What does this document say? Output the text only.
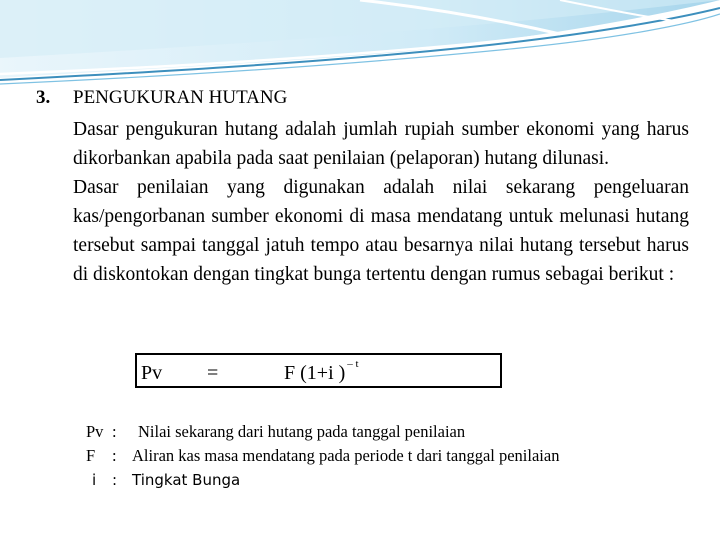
3. PENGUKURAN HUTANG

Dasar pengukuran hutang adalah jumlah rupiah sumber ekonomi yang harus dikorbankan apabila pada saat penilaian (pelaporan) hutang dilunasi.

Dasar penilaian yang digunakan adalah nilai sekarang pengeluaran kas/pengorbanan sumber ekonomi di masa mendatang untuk melunasi hutang tersebut sampai tanggal jatuh tempo atau besarnya nilai hutang tersebut harus di diskontokan dengan tingkat bunga tertentu dengan rumus sebagai berikut :

Pv =	F (1+i ) $^{- t}$
Pv :	Nilai sekarang dari hutang pada tanggal penilaian
F	: Aliran kas masa mendatang pada periode t dari tanggal penilaian
i	: Tingkat Bunga
